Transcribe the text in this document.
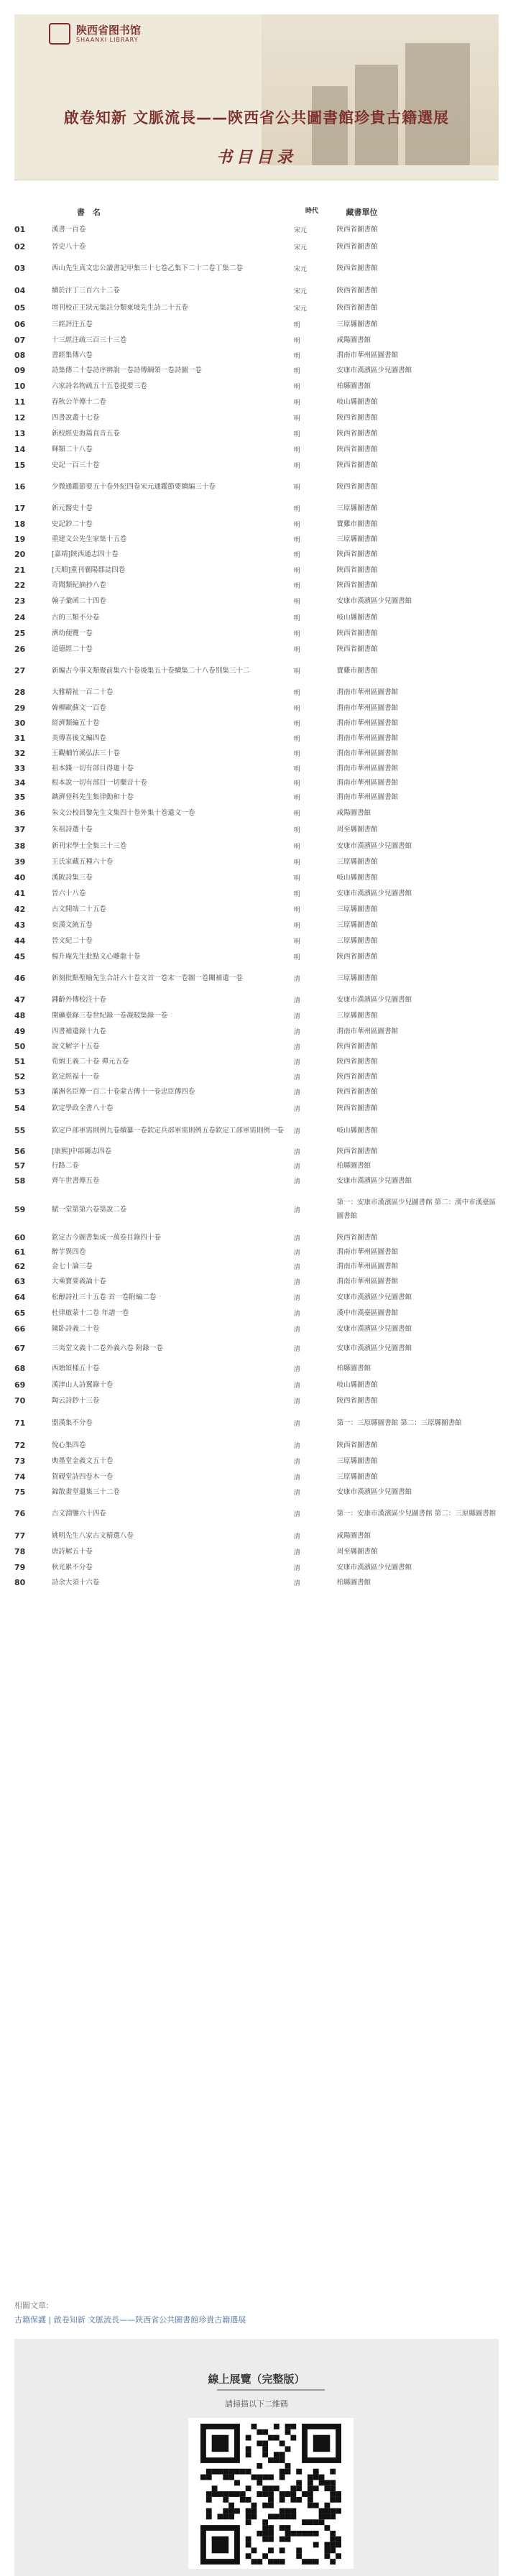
陕西省图书馆
SHAANXI LIBRARY
啟卷知新 文脈流長——陝西省公共圖書館珍貴古籍選展
书目目录
書　名	時代	藏書單位
01	漢書一百卷	宋元	陝西省圖書館
02	晉史八十卷	宋元	陝西省圖書館
03	西山先生真文忠公讀書記甲集三十七卷乙集下二十二卷丁集二卷	宋元	陝西省圖書館
04	續於汴丁三百六十二卷	宋元	陝西省圖書館
05	增刊校正王狀元集註分類東坡先生詩二十五卷	宋元	陝西省圖書館
06	三經評注五卷	明	三原縣圖書館
07	十三經注疏三百三十三卷	明	咸陽圖書館
08	書經集傳六卷	明	渭南市華州區圖書館
09	詩集傳二十卷詩序辨說一卷詩傳綱領一卷詩圖一卷	明	安康市漢濱區少兒圖書館
10	六家詩名物疏五十五卷提要三卷	明	柏縣圖書館
11	春秋公羊傳十二卷	明	岐山縣圖書館
12	四書說叢十七卷	明	陝西省圖書館
13	新校經史海篇直音五卷	明	陝西省圖書館
14	輝類二十八卷	明	陝西省圖書館
15	史記一百三十卷	明	陝西省圖書館
16	少微通鑑節要五十卷外紀四卷宋元通鑑節要續編三十卷	明	陝西省圖書館
17	新元醫史十卷	明	三原縣圖書館
18	史記鈔二十卷	明	寶雞市圖書館
19	重建文公先生家集十五卷	明	三原縣圖書館
20	[嘉靖]陝西通志四十卷	明	陝西省圖書館
21	[天順]重刊襄陽郡誌四卷	明	陝西省圖書館
22	奇聞類紀摘抄八卷	明	陝西省圖書館
23	翰子彙函二十四卷	明	安康市漢濱區少兒圖書館
24	古的三類不分卷	明	岐山縣圖書館
25	濟幼便覽一卷	明	陝西省圖書館
26	道德經二十卷	明	陝西省圖書館
27	新編古今事文類聚前集六十卷後集五十卷續集二十八卷別集三十二	明	寶雞市圖書館
28	大雅精祉一百二十卷	明	渭南市華州區圖書館
29	韓柳歐蘇文一百卷	明	渭南市華州區圖書館
30	經濟類編五十卷	明	渭南市華州區圖書館
31	美傳喜後文編四卷	明	渭南市華州區圖書館
32	王觀輔竹溪弘法三十卷	明	渭南市華州區圖書館
33	祖本錢一切有部目得迦十卷	明	渭南市華州區圖書館
34	根本說一切有部目一切藥音十卷	明	渭南市華州區圖書館
35	鐫濟登科先生集律動和十卷	明	渭南市華州區圖書館
36	朱文公校昌黎先生文集四十卷外集十卷遺文一卷	明	咸陽圖書館
37	朱祖詩選十卷	明	周至縣圖書館
38	新刊宋學士全集三十三卷	明	安康市漢濱區少兒圖書館
39	王氏家藏五種六十卷	明	三原縣圖書館
40	漢陂詩集三卷	明	岐山縣圖書館
41	晉六十八卷	明	安康市漢濱區少兒圖書館
42	古文開端二十五卷	明	三原縣圖書館
43	東漢文統五卷	明	三原縣圖書館
44	晉文紀二十卷	明	三原縣圖書館
45	楊升庵先生批點文心雕龍十卷	明	陝西省圖書館
46	新刻批點聖喻先生合註六十卷文首一卷末一卷圖一卷闡補遺一卷	清	三原縣圖書館
47	鍾齡外傳校注十卷	清	安康市漢濱區少兒圖書館
48	開礦臺錄三卷世紀錄一卷凝駁集錄一卷	清	三原縣圖書館
49	四書補遺錄十九卷	清	渭南市華州區圖書館
50	說文解字十五卷	清	陝西省圖書館
51	荀炳王義二十卷 禪元五卷	清	陝西省圖書館
52	欽定經福十一卷	清	陝西省圖書館
53	滿洲名臣傳一百二十卷蒙古傳十一卷忠臣傳四卷	清	陝西省圖書館
54	欽定學政全書八十卷	清	陝西省圖書館
55	欽定戶部軍需則例九卷續纂一卷欽定兵部軍需則例五卷欽定工部軍需則例一卷	清	岐山縣圖書館
56	[康熙]中部縣志四卷	清	陝西省圖書館
57	行路二卷	清	柏縣圖書館
58	齊午世書傳五卷	清	安康市漢濱區少兒圖書館
59	賦一堂第第六卷第說二卷	清
第一：安康市漢濱區少兒圖書館 第二：漢中市漢臺區圖書館
60	欽定古今圖書集成一萬卷目錄四十卷	清	陝西省圖書館
61	醉芋異四卷	清	渭南市華州區圖書館
62	金七十論三卷	清	渭南市華州區圖書館
63	大乘寶要義論十卷	清	渭南市華州區圖書館
64	松醇詩社三十五卷 首一卷附編二卷	清	安康市漢濱區少兒圖書館
65	杜律啟蒙十二卷 年譜一卷	清	漢中市漢臺區圖書館
66	陳卧詩義二十卷	清	安康市漢濱區少兒圖書館
67	三夷堂文義十二卷外義六卷 附錄一卷	清	安康市漢濱區少兒圖書館
68	西塘頌樣五十卷	清	柏縣圖書館
69	漢津山人詩翼錄十卷	清	岐山縣圖書館
70	陶云詩鈔十三卷	清	陝西省圖書館
71	盟漢集不分卷	清	第一：三原縣圖書館 第二：三原縣圖書館
72	悅心集四卷	清	陝西省圖書館
73	典墨堂金義文五十卷	清	三原縣圖書館
74	賀硯堂詩四卷木一卷	清	三原縣圖書館
75	錦散畫堂遺集三十二卷	清	安康市漢濱區少兒圖書館
76	古文淵鑒六十四卷	清	第一：安康市漢濱區少兒圖書館 第二：三原縣圖書館
77	姚明先生八家古文精選八卷	清	咸陽圖書館
78	唐詩解五十卷	清	周至縣圖書館
79	秋光累不分卷	清	安康市漢濱區少兒圖書館
80	詩余大須十六卷	清	柏縣圖書館
相關文章:
古籍保護 | 啟卷知新 文脈流長——陝西省公共圖書館珍貴古籍選展
線上展覽（完整版）
請掃描以下二維碼
